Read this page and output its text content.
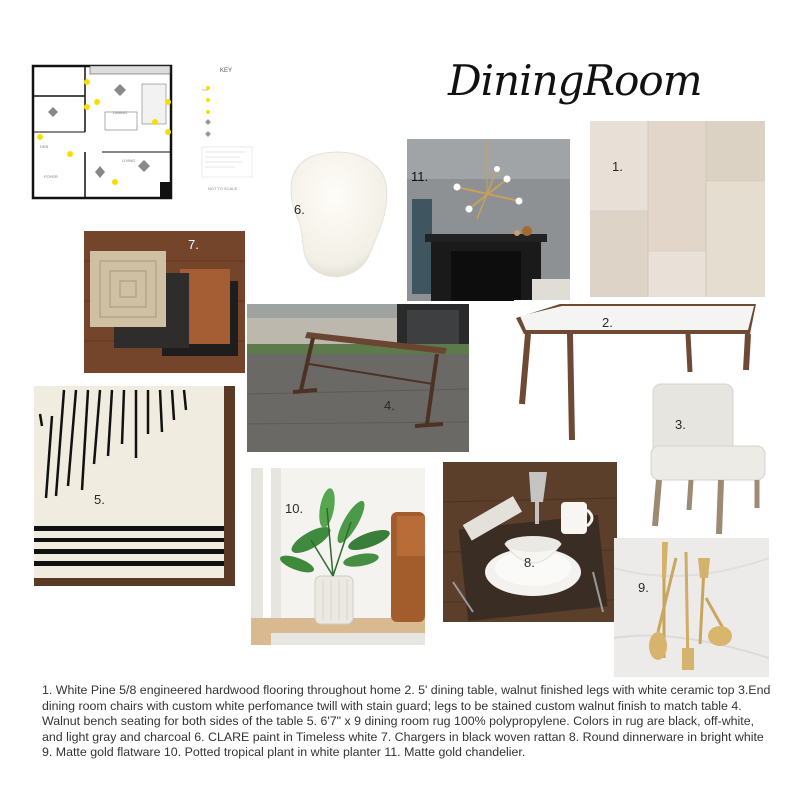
DiningRoom
KEY
DINING
DEN
LIVING
FOYER
NOT TO SCALE
6.
11.
1.
7.
4.
2.
3.
5.
10.
8.
9.
1. White Pine 5/8 engineered hardwood flooring throughout home 2. 5' dining table, walnut finished legs with white ceramic top 3.End dining room chairs with custom white perfomance twill with stain guard; legs to be stained custom walnut finish to match table 4. Walnut bench seating for both sides of the table 5. 6'7" x 9 dining room rug 100% polypropylene. Colors in rug are black, off-white, and light gray and charcoal 6. CLARE paint in Timeless white 7. Chargers in black woven rattan 8. Round dinnerware in bright white 9. Matte gold flatware 10. Potted tropical plant in white planter 11. Matte gold chandelier.
